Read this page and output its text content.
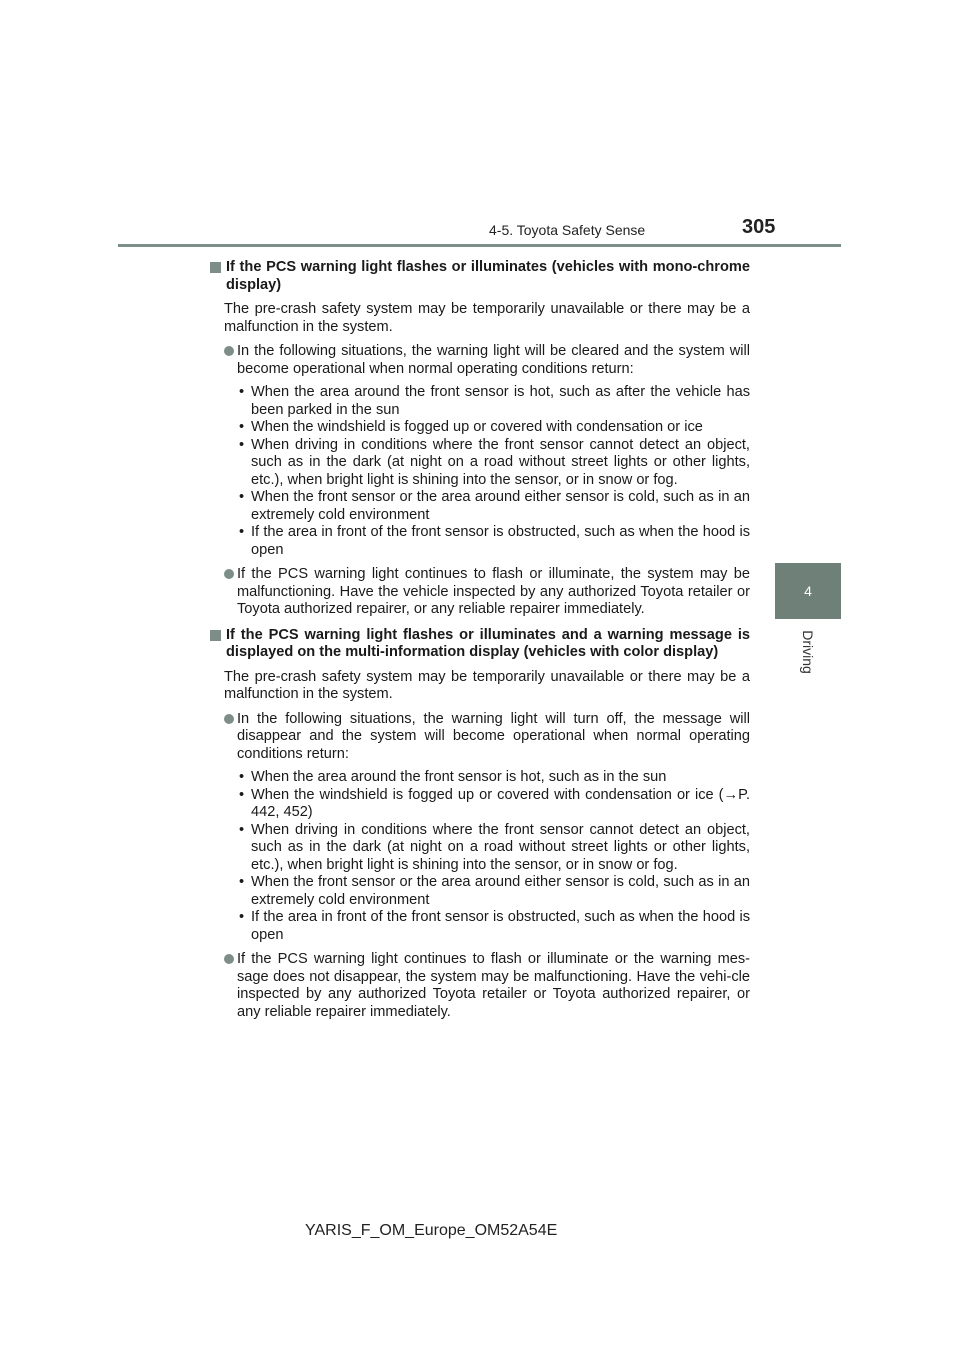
4-5. Toyota Safety Sense	305
4
Driving
If the PCS warning light flashes or illuminates (vehicles with mono-chrome display)
The pre-crash safety system may be temporarily unavailable or there may be a malfunction in the system.
In the following situations, the warning light will be cleared and the system will become operational when normal operating conditions return:
• When the area around the front sensor is hot, such as after the vehicle has been parked in the sun
• When the windshield is fogged up or covered with condensation or ice
• When driving in conditions where the front sensor cannot detect an object, such as in the dark (at night on a road without street lights or other lights, etc.), when bright light is shining into the sensor, or in snow or fog.
• When the front sensor or the area around either sensor is cold, such as in an extremely cold environment
• If the area in front of the front sensor is obstructed, such as when the hood is open
If the PCS warning light continues to flash or illuminate, the system may be malfunctioning. Have the vehicle inspected by any authorized Toyota retailer or Toyota authorized repairer, or any reliable repairer immediately.
If the PCS warning light flashes or illuminates and a warning message is displayed on the multi-information display (vehicles with color display)
The pre-crash safety system may be temporarily unavailable or there may be a malfunction in the system.
In the following situations, the warning light will turn off, the message will disappear and the system will become operational when normal operating conditions return:
• When the area around the front sensor is hot, such as in the sun
• When the windshield is fogged up or covered with condensation or ice (→P. 442, 452)
• When driving in conditions where the front sensor cannot detect an object, such as in the dark (at night on a road without street lights or other lights, etc.), when bright light is shining into the sensor, or in snow or fog.
• When the front sensor or the area around either sensor is cold, such as in an extremely cold environment
• If the area in front of the front sensor is obstructed, such as when the hood is open
If the PCS warning light continues to flash or illuminate or the warning mes-sage does not disappear, the system may be malfunctioning. Have the vehi-cle inspected by any authorized Toyota retailer or Toyota authorized repairer, or any reliable repairer immediately.
YARIS_F_OM_Europe_OM52A54E
